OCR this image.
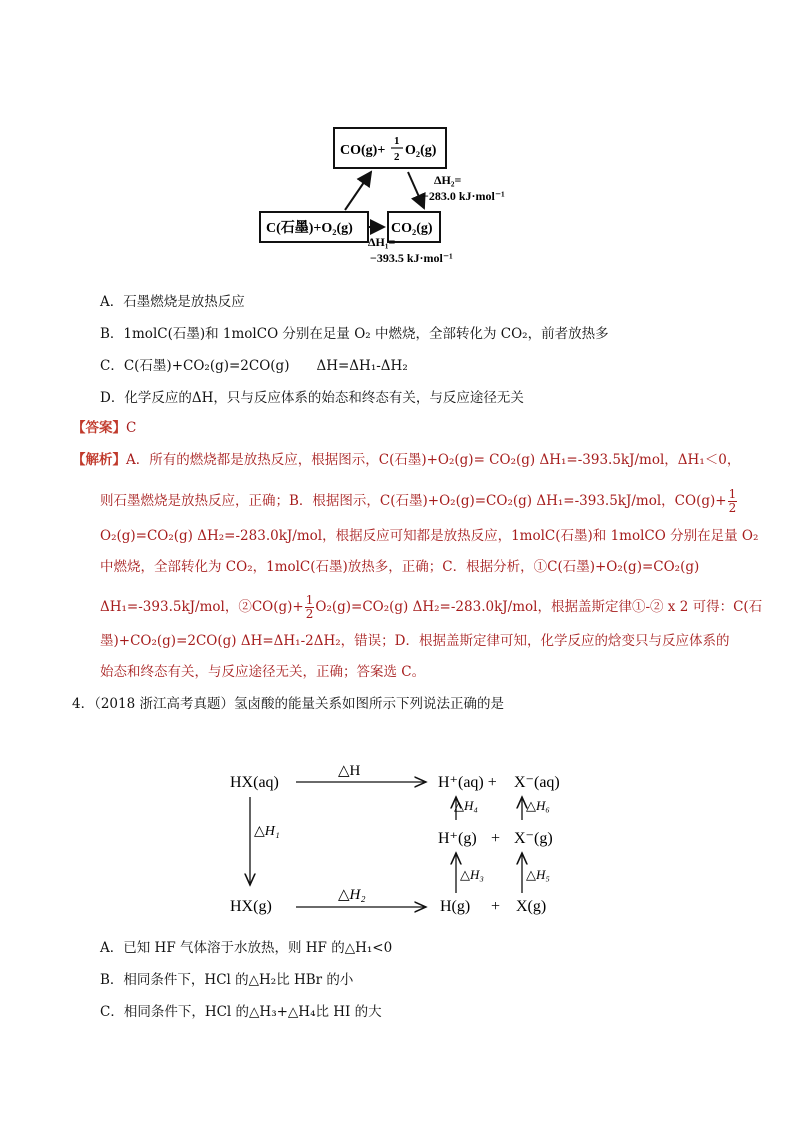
CO(g)+
1
2 O₂(g)
C(石墨)+O₂(g)	CO₂(g)
ΔH₂=
−283.0 kJ·mol⁻¹
ΔH₁=
−393.5 kJ·mol⁻¹
A．石墨燃烧是放热反应
B．1molC(石墨)和 1molCO 分别在足量 O₂ 中燃烧，全部转化为 CO₂，前者放热多
C．C(石墨)+CO₂(g)=2CO(g)　　ΔH=ΔH₁-ΔH₂
D．化学反应的ΔH，只与反应体系的始态和终态有关，与反应途径无关
【答案】C
【解析】A．所有的燃烧都是放热反应，根据图示，C(石墨)+O₂(g)= CO₂(g) ΔH₁=-393.5kJ/mol，ΔH₁＜0，
则石墨燃烧是放热反应，正确；B．根据图示，C(石墨)+O₂(g)=CO₂(g) ΔH₁=-393.5kJ/mol，$CO(g)+ \frac{1}{2}$
O₂(g)=CO₂(g) ΔH₂=-283.0kJ/mol，根据反应可知都是放热反应，1molC(石墨)和 1molCO 分别在足量 O₂
中燃烧，全部转化为 CO₂，1molC(石墨)放热多，正确；C．根据分析，①C(石墨)+O₂(g)=CO₂(g)
ΔH₁=-393.5kJ/mol，②CO(g)+ $\frac{1}{2} O_2(g)=CO_2(g)$ ΔH₂=-283.0kJ/mol，根据盖斯定律①-② x 2 可得：C(石
墨)+CO₂(g)=2CO(g) ΔH=ΔH₁-2ΔH₂，错误；D．根据盖斯定律可知，化学反应的焓变只与反应体系的
始态和终态有关，与反应途径无关，正确；答案选 C。
4．（2018 浙江高考真题）氢卤酸的能量关系如图所示下列说法正确的是
HX(aq)
HX(g)
△H
△H₁
△H₂
H⁺(aq) + X⁻(aq)
△H₄	△H₆
H⁺(g) + X⁻(g)
△H₃	△H₅
H(g) + X(g)
A．已知 HF 气体溶于水放热，则 HF 的△H₁<0
B．相同条件下，HCl 的△H₂比 HBr 的小
C．相同条件下，HCl 的△H₃+△H₄比 HI 的大
